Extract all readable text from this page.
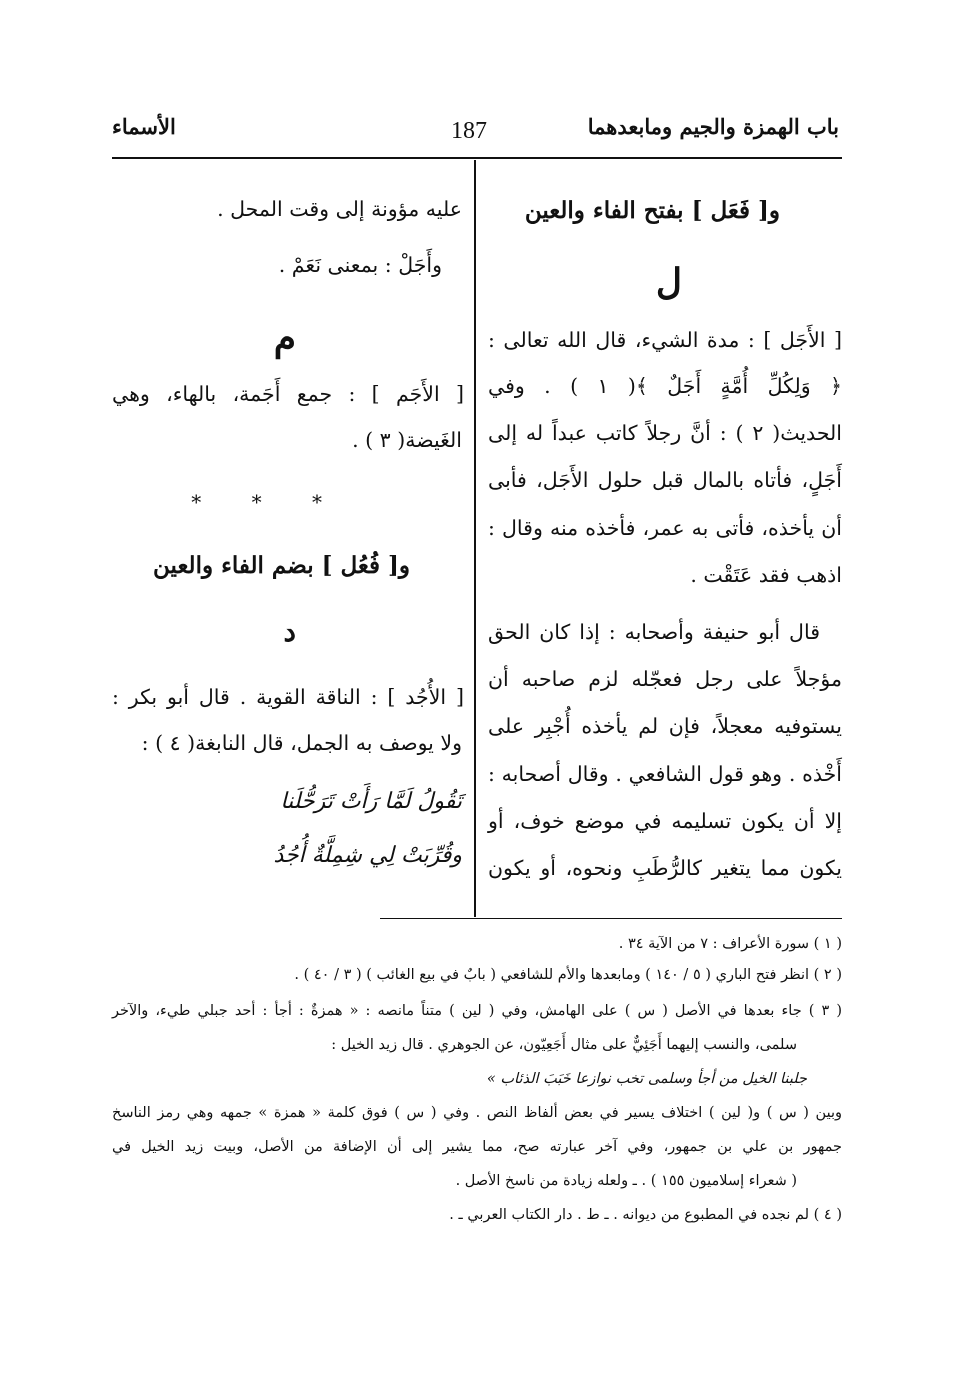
الأسماء	187	باب الهمزة والجيم ومابعدهما
و[ فَعَل ] بفتح الفاء والعين
ل
[ الأَجَل ] : مدة الشيء، قال الله تعالى :
﴿ وَلِكُلِّ أُمَّةٍ أَجَلٌ ﴾( ١ ) . وفي
الحديث( ٢ ) : أنَّ رجلاً كاتب عبداً له إلى
أَجَلٍ، فأتاه بالمال قبل حلول الأَجَل، فأبى
أن يأخذه، فأتى به عمر، فأخذه منه وقال :
اذهب فقد عَتَقْت .
قال أبو حنيفة وأصحابه : إذا كان الحق
مؤجلاً على رجل فعجّله لزم صاحبه أن
يستوفيه معجلاً، فإن لم يأخذه أُجْبِر على
أَخْذه . وهو قول الشافعي . وقال أصحابه :
إلا أن يكون تسليمه في موضع خوف، أو
يكون مما يتغير كالرُّطَبِ ونحوه، أو يكون
عليه مؤونة إلى وقت المحل .
وأَجَلْ : بمعنى نَعَمْ .
م
[ الأَجَم ] : جمع أَجَمة، بالهاء، وهي
الغَيضة( ٣ ) .
* * *
و[ فُعُل ] بضم الفاء والعين
د
[ الأُجُد ] : الناقة القوية . قال أبو بكر :
ولا يوصف به الجمل، قال النابغة( ٤ ) :
تَقُولُ لَمَّا رَأَتْ تَرَحُّلَنا
وقُرِّبَتْ لِي شِمِلَّةٌ أُجُدُ
( ١ ) سورة الأعراف : ٧ من الآية ٣٤ .
( ٢ ) انظر فتح الباري ( ٥ / ١٤٠ ) ومابعدها والأم للشافعي ( بابٌ في بيع الغائب ) ( ٣ / ٤٠ ) .
( ٣ ) جاء بعدها في الأصل ( س ) على الهامش، وفي ( لين ) متناً مانصه : « همزةٌ : أجأ : أحد جبلي طيء، والآخر
سلمى، والنسب إليهما أَجَئِيٌّ على مثال أَجَعِيّون، عن الجوهري . قال زيد الخيل :
جلبنا الخيل من أجأ وسلمى تخب نوازعا خَبَبَ الذئاب »
وبين ( س ) و( لين ) اختلاف يسير في بعض ألفاظ النص . وفي ( س ) فوق كلمة « همزة » جمهه وهي رمز الناسخ
جمهور بن علي بن جمهور، وفي آخر عبارته صح، مما يشير إلى أن الإضافة من الأصل، وبيت زيد الخيل في
( شعراء إسلاميون ١٥٥ ) . ـ ولعله زيادة من ناسخ الأصل .
( ٤ ) لم نجده في المطبوع من ديوانه . ـ ط . دار الكتاب العربي ـ .
